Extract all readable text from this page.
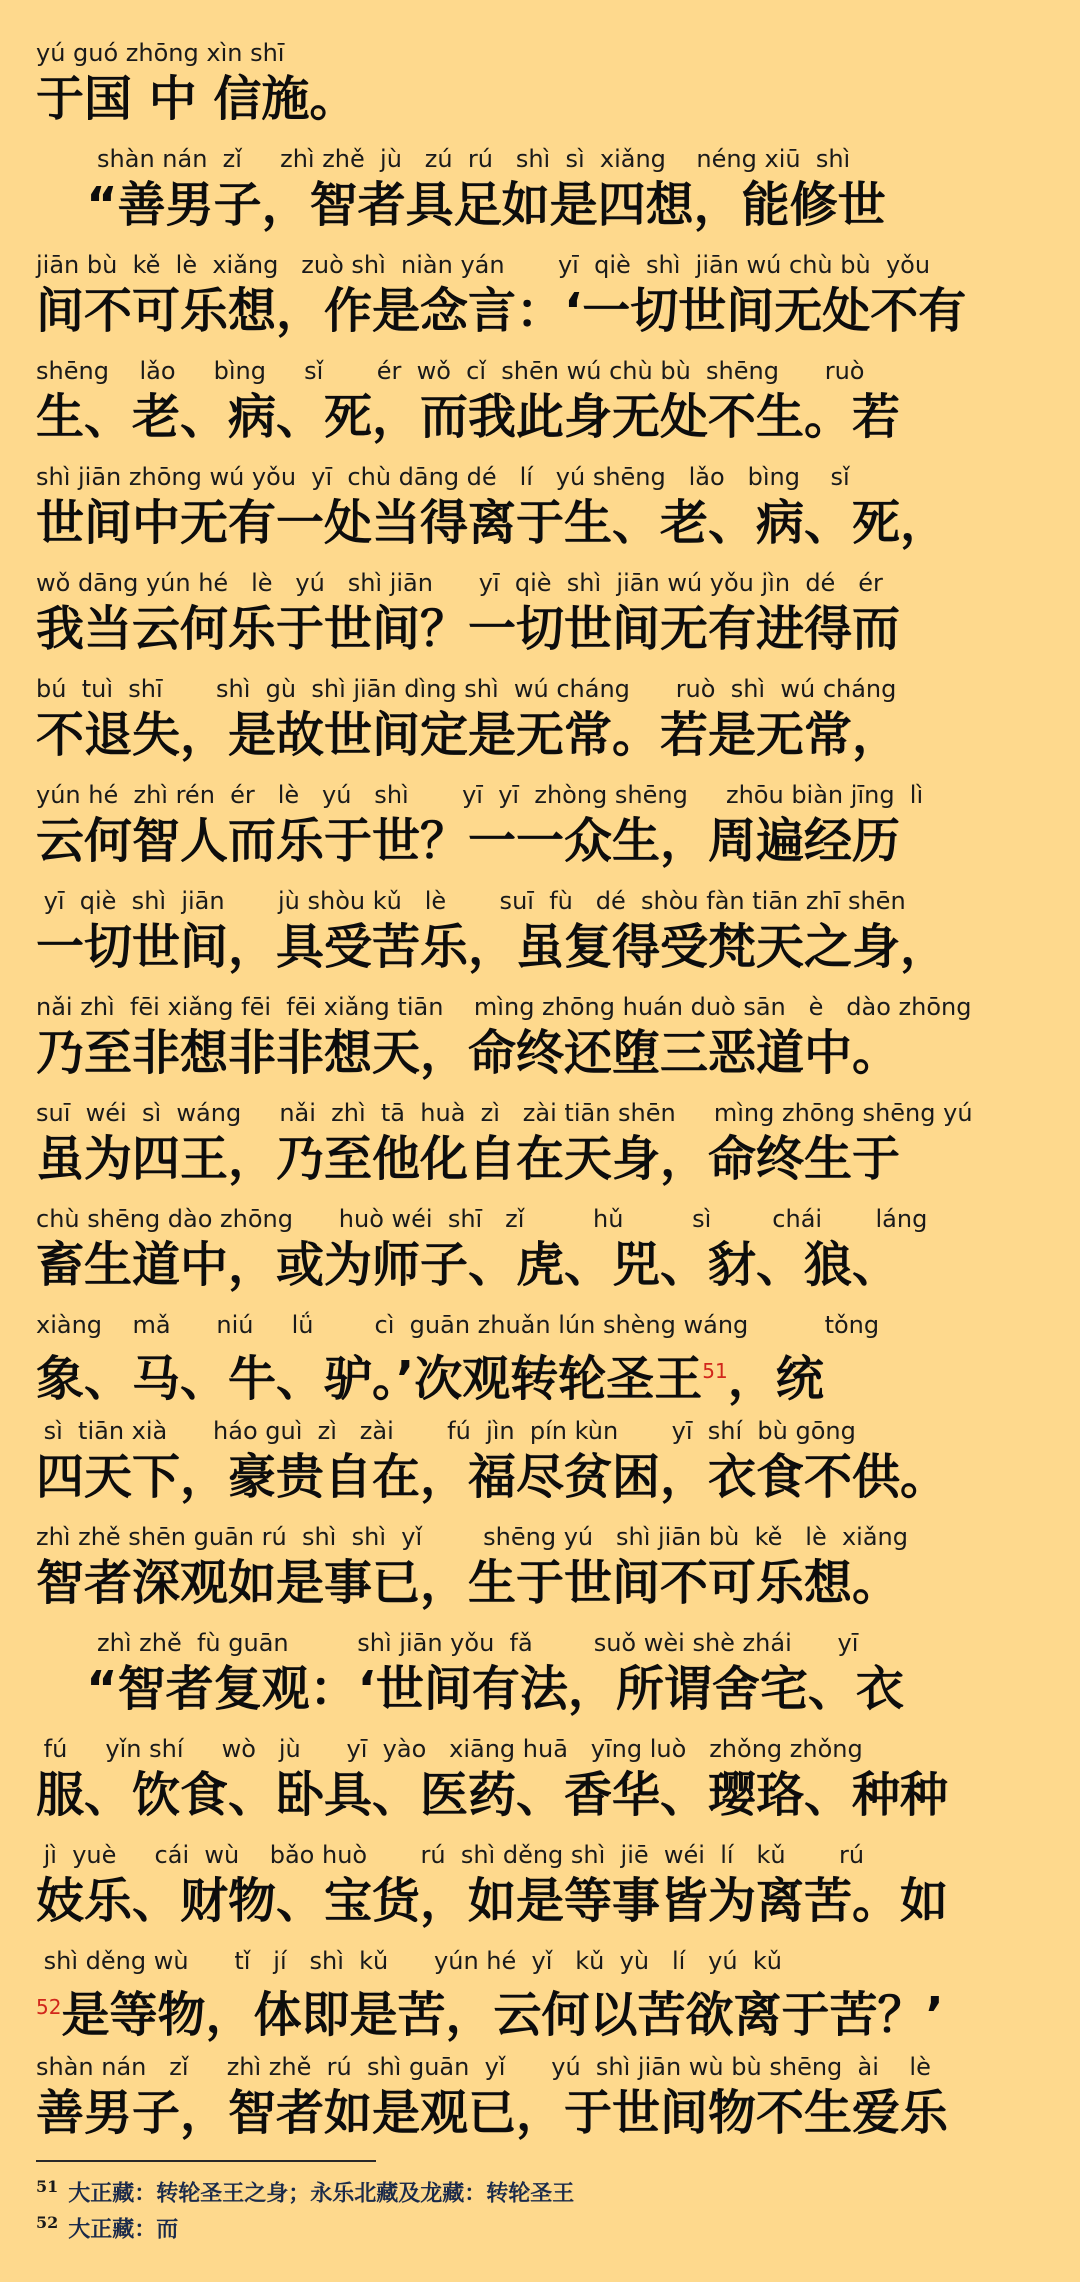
yú guó zhōng xìn shī
于国 中 信施。
shàn nán  zǐ     zhì zhě  jù   zú  rú   shì  sì  xiǎng    néng xiū  shì
“善男子，智者具足如是四想，能修世
jiān bù  kě  lè  xiǎng   zuò shì  niàn yán       yī  qiè  shì  jiān wú chù bù  yǒu
间不可乐想，作是念言：‘一切世间无处不有
shēng    lǎo     bìng     sǐ       ér  wǒ  cǐ  shēn wú chù bù  shēng      ruò
生、老、病、死，而我此身无处不生。若
shì jiān zhōng wú yǒu  yī  chù dāng dé   lí   yú shēng   lǎo   bìng    sǐ
世间中无有一处当得离于生、老、病、死，
wǒ dāng yún hé   lè   yú   shì jiān      yī  qiè  shì  jiān wú yǒu jìn  dé   ér
我当云何乐于世间？一切世间无有进得而
bú  tuì  shī       shì  gù  shì jiān dìng shì  wú cháng      ruò  shì  wú cháng
不退失，是故世间定是无常。若是无常，
yún hé  zhì rén  ér   lè   yú   shì       yī  yī  zhòng shēng     zhōu biàn jīng  lì
云何智人而乐于世？一一众生，周遍经历
yī  qiè  shì  jiān       jù shòu kǔ   lè       suī  fù   dé  shòu fàn tiān zhī shēn
一切世间，具受苦乐，虽复得受梵天之身，
nǎi zhì  fēi xiǎng fēi  fēi xiǎng tiān    mìng zhōng huán duò sān   è   dào zhōng
乃至非想非非想天，命终还堕三恶道中。
suī  wéi  sì  wáng     nǎi  zhì  tā  huà  zì   zài tiān shēn     mìng zhōng shēng yú
虽为四王，乃至他化自在天身，命终生于
chù shēng dào zhōng      huò wéi  shī   zǐ         hǔ         sì        chái       láng
畜生道中，或为师子、虎、兕、豺、狼、
xiàng    mǎ      niú     lǘ        cì  guān zhuǎn lún shèng wáng          tǒng
象、马、牛、驴。’次观转轮圣王$^{51}$，统
sì  tiān xià      háo guì  zì   zài       fú  jìn  pín kùn       yī  shí  bù gōng
四天下，豪贵自在，福尽贫困，衣食不供。
zhì zhě shēn guān rú  shì  shì  yǐ        shēng yú   shì jiān bù  kě   lè  xiǎng
智者深观如是事已，生于世间不可乐想。
zhì zhě  fù guān         shì jiān yǒu  fǎ        suǒ wèi shè zhái      yī
“智者复观：‘世间有法，所谓舍宅、衣
fú     yǐn shí     wò   jù      yī  yào   xiāng huā   yīng luò   zhǒng zhǒng
服、饮食、卧具、医药、香华、璎珞、种种
jì  yuè     cái  wù    bǎo huò       rú  shì děng shì  jiē  wéi  lí   kǔ       rú
妓乐、财物、宝货，如是等事皆为离苦。如
shì děng wù      tǐ   jí   shì  kǔ      yún hé  yǐ   kǔ  yù   lí   yú  kǔ
$^{52}$是等物，体即是苦，云何以苦欲离于苦？’
shàn nán   zǐ     zhì zhě  rú  shì guān  yǐ      yú  shì jiān wù bù shēng  ài    lè
善男子，智者如是观已，于世间物不生爱乐
$^{51}$ 大正藏：转轮圣王之身；永乐北藏及龙藏：转轮圣王
$^{52}$ 大正藏：而
